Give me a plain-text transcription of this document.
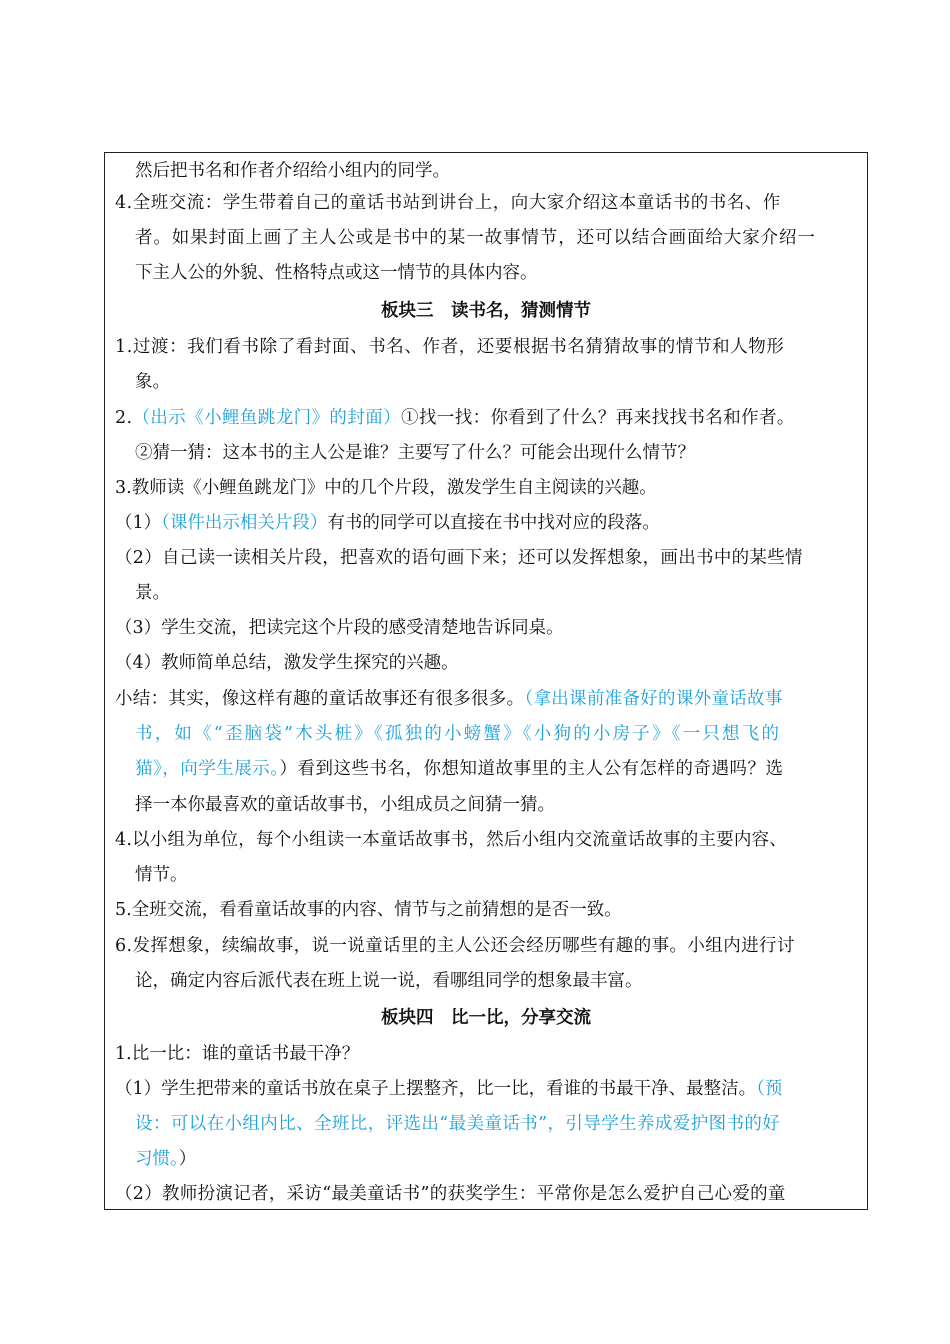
然后把书名和作者介绍给小组内的同学。
4.全班交流：学生带着自己的童话书站到讲台上，向大家介绍这本童话书的书名、作
者。如果封面上画了主人公或是书中的某一故事情节，还可以结合画面给大家介绍一
下主人公的外貌、性格特点或这一情节的具体内容。
板块三　读书名，猜测情节
1.过渡：我们看书除了看封面、书名、作者，还要根据书名猜猜故事的情节和人物形
象。
2.（出示《小鲤鱼跳龙门》的封面）①找一找：你看到了什么？再来找找书名和作者。
②猜一猜：这本书的主人公是谁？主要写了什么？可能会出现什么情节？
3.教师读《小鲤鱼跳龙门》中的几个片段，激发学生自主阅读的兴趣。
（1）（课件出示相关片段）有书的同学可以直接在书中找对应的段落。
（2）自己读一读相关片段，把喜欢的语句画下来；还可以发挥想象，画出书中的某些情
景。
（3）学生交流，把读完这个片段的感受清楚地告诉同桌。
（4）教师简单总结，激发学生探究的兴趣。
小结：其实，像这样有趣的童话故事还有很多很多。（拿出课前准备好的课外童话故事
书，如《“歪脑袋”木头桩》《孤独的小螃蟹》《小狗的小房子》《一只想飞的
猫》，向学生展示。）看到这些书名，你想知道故事里的主人公有怎样的奇遇吗？选
择一本你最喜欢的童话故事书，小组成员之间猜一猜。
4.以小组为单位，每个小组读一本童话故事书，然后小组内交流童话故事的主要内容、
情节。
5.全班交流，看看童话故事的内容、情节与之前猜想的是否一致。
6.发挥想象，续编故事，说一说童话里的主人公还会经历哪些有趣的事。小组内进行讨
论，确定内容后派代表在班上说一说，看哪组同学的想象最丰富。
板块四　比一比，分享交流
1.比一比：谁的童话书最干净？
（1）学生把带来的童话书放在桌子上摆整齐，比一比，看谁的书最干净、最整洁。（预
设：可以在小组内比、全班比，评选出“最美童话书”，引导学生养成爱护图书的好
习惯。）
（2）教师扮演记者，采访“最美童话书”的获奖学生：平常你是怎么爱护自己心爱的童
